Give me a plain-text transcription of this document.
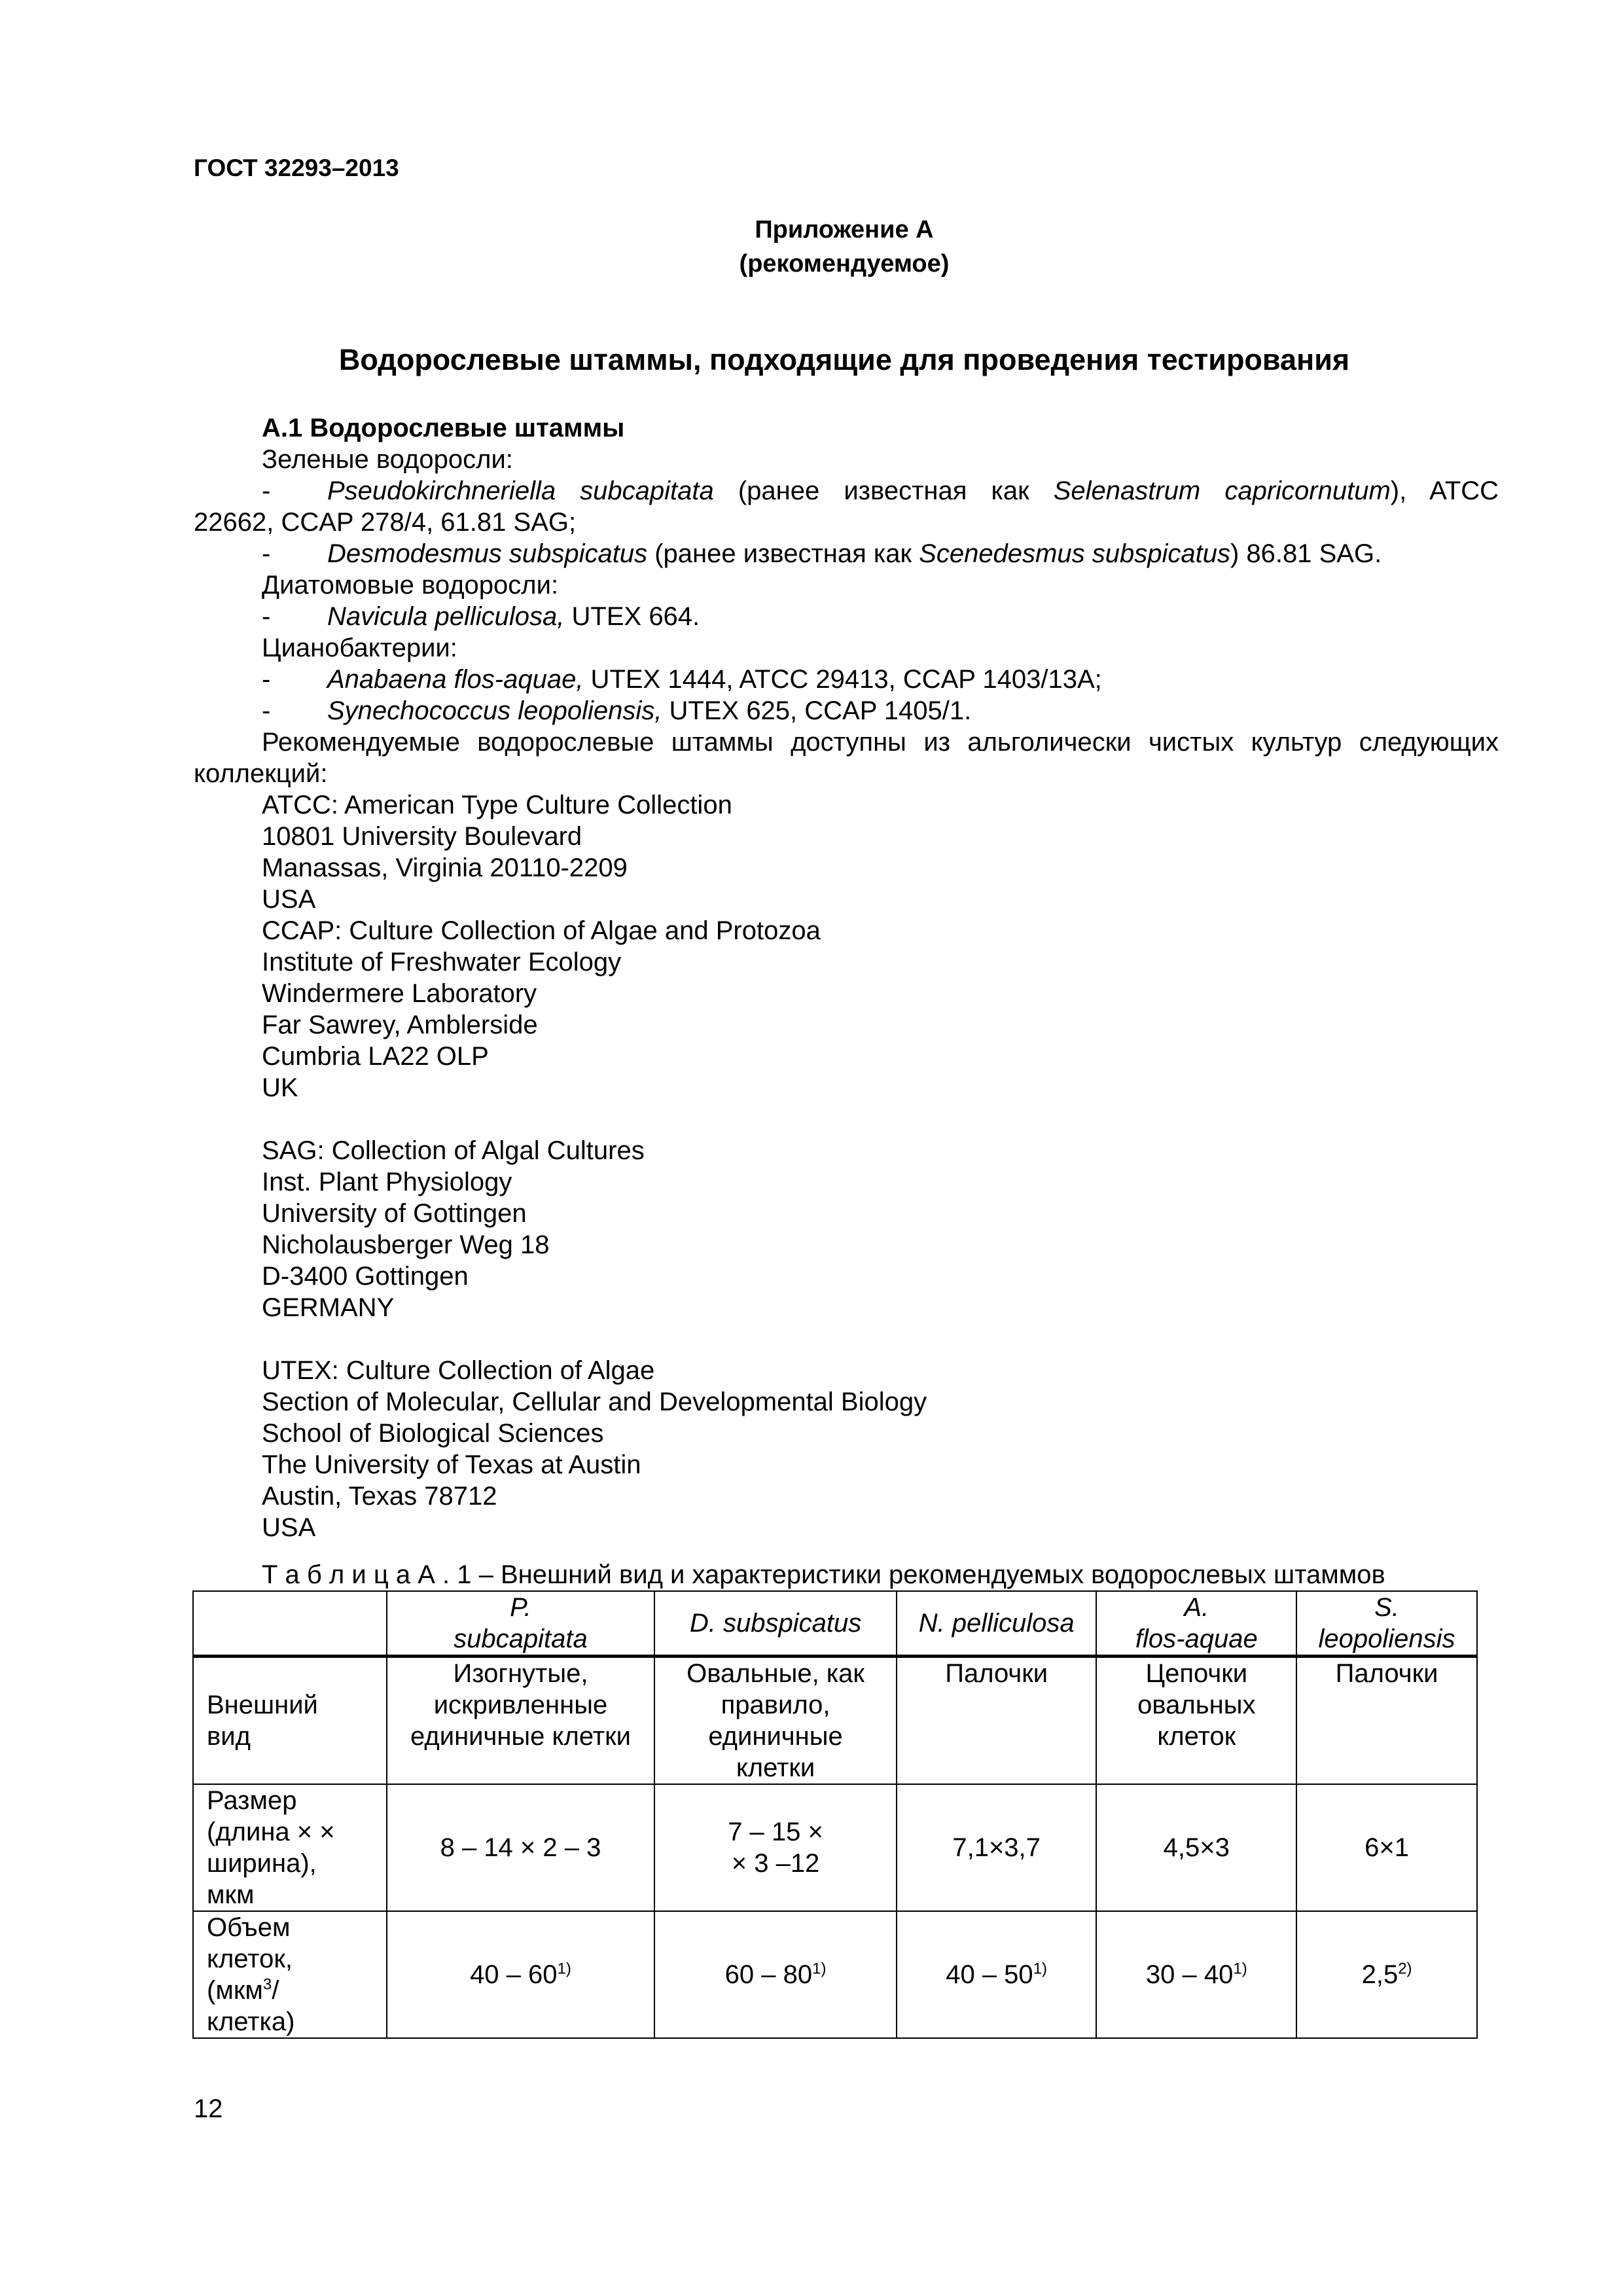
ГОСТ 32293–2013
Приложение А
(рекомендуемое)
Водорослевые штаммы, подходящие для проведения тестирования
А.1 Водорослевые штаммы
Зеленые водоросли:
- Pseudokirchneriella subcapitata (ранее известная как Selenastrum capricornutum), ATCC
22662, CCAP 278/4, 61.81 SAG;
- Desmodesmus subspicatus (ранее известная как Scenedesmus subspicatus) 86.81 SAG.
Диатомовые водоросли:
- Navicula pelliculosa, UTEX 664.
Цианобактерии:
- Anabaena flos-aquae, UTEX 1444, ATCC 29413, CCAP 1403/13A;
- Synechococcus leopoliensis, UTEX 625, CCAP 1405/1.
Рекомендуемые водорослевые штаммы доступны из альголически чистых культур следующих
коллекций:
ATCC: American Type Culture Collection
10801 University Boulevard
Manassas, Virginia 20110-2209
USA
CCAP: Culture Collection of Algae and Protozoa
Institute of Freshwater Ecology
Windermere Laboratory
Far Sawrey, Amblerside
Cumbria LA22 OLP
UK
SAG: Collection of Algal Cultures
Inst. Plant Physiology
University of Gottingen
Nicholausberger Weg 18
D-3400 Gottingen
GERMANY
UTEX: Culture Collection of Algae
Section of Molecular, Cellular and Developmental Biology
School of Biological Sciences
The University of Texas at Austin
Austin, Texas 78712
USA
Т а б л и ц а А . 1 – Внешний вид и характеристики рекомендуемых водорослевых штаммов
	P.
subcapitata	D. subspicatus	N. pelliculosa	A.
flos-aquae	S. leopoliensis
Внешний
вид	Изогнутые,
искривленные
единичные клетки	Овальные, как
правило,
единичные
клетки	Палочки	Цепочки
овальных
клеток	Палочки
Размер
(длина × ×
ширина),
мкм	8 – 14 × 2 – 3	7 – 15 ×
× 3 –12	7,1×3,7	4,5×3	6×1
Объем
клеток,
(мкм$^3$/
клетка)	40 – 60$^{1)}$	60 – 80$^{1)}$	40 – 50$^{1)}$	30 – 40$^{1)}$	2,5$^{2)}$
12
